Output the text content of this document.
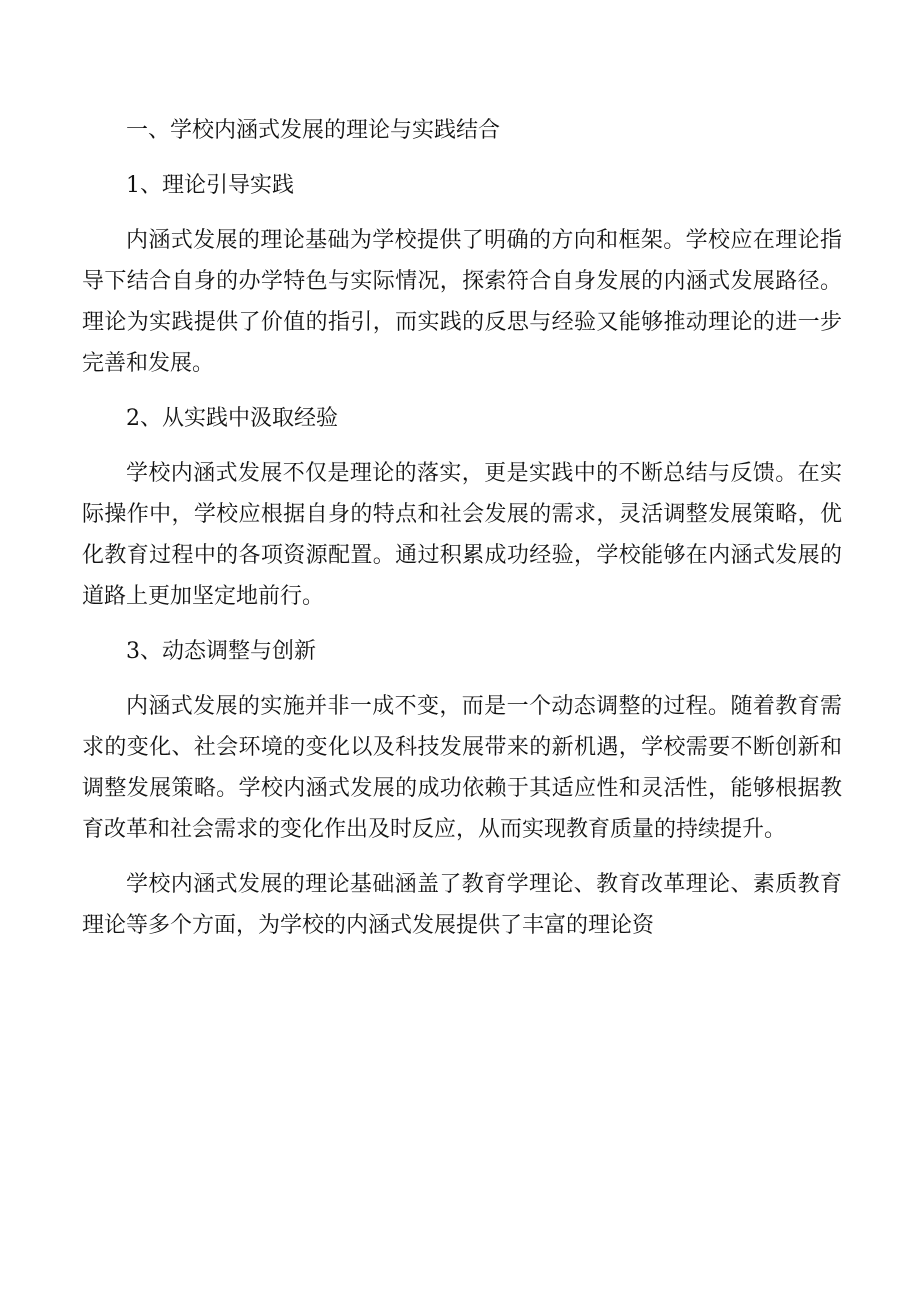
一、学校内涵式发展的理论与实践结合

1、理论引导实践

内涵式发展的理论基础为学校提供了明确的方向和框架。学校应在理论指导下结合自身的办学特色与实际情况，探索符合自身发展的内涵式发展路径。理论为实践提供了价值的指引，而实践的反思与经验又能够推动理论的进一步完善和发展。

2、从实践中汲取经验

学校内涵式发展不仅是理论的落实，更是实践中的不断总结与反馈。在实际操作中，学校应根据自身的特点和社会发展的需求，灵活调整发展策略，优化教育过程中的各项资源配置。通过积累成功经验，学校能够在内涵式发展的道路上更加坚定地前行。

3、动态调整与创新

内涵式发展的实施并非一成不变，而是一个动态调整的过程。随着教育需求的变化、社会环境的变化以及科技发展带来的新机遇，学校需要不断创新和调整发展策略。学校内涵式发展的成功依赖于其适应性和灵活性，能够根据教育改革和社会需求的变化作出及时反应，从而实现教育质量的持续提升。

学校内涵式发展的理论基础涵盖了教育学理论、教育改革理论、素质教育理论等多个方面，为学校的内涵式发展提供了丰富的理论资
